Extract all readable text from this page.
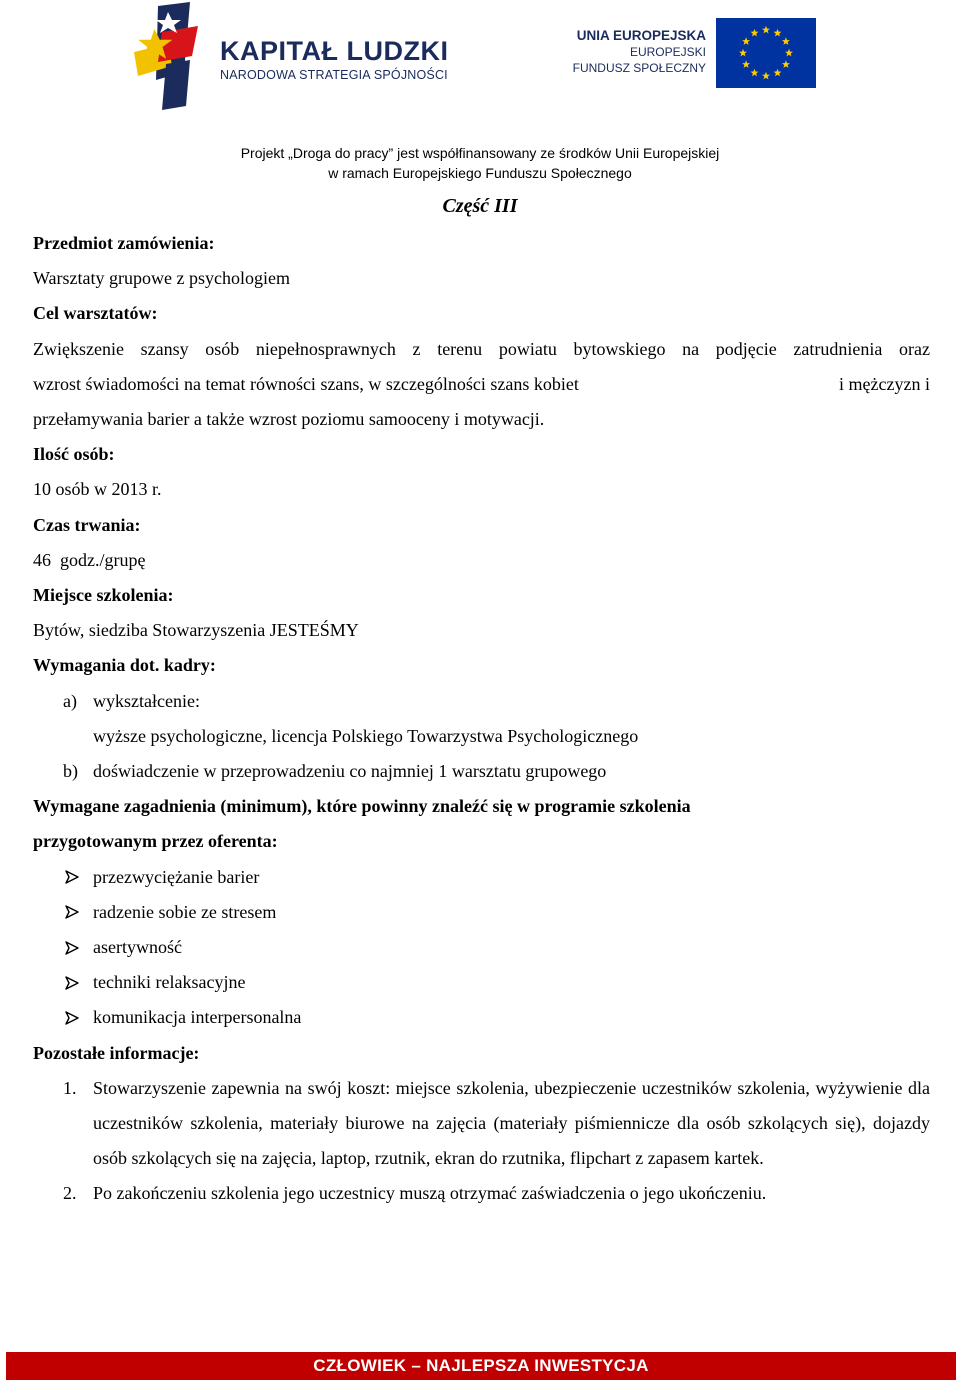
KAPITAŁ LUDZKI
NARODOWA STRATEGIA SPÓJNOŚCI
UNIA EUROPEJSKA
EUROPEJSKI
FUNDUSZ SPOŁECZNY
Projekt „Droga do pracy” jest współfinansowany ze środków Unii Europejskiej
w ramach Europejskiego Funduszu Społecznego
Część III
Przedmiot zamówienia:
Warsztaty grupowe z psychologiem
Cel warsztatów:
Zwiększenie szansy osób niepełnosprawnych z terenu powiatu bytowskiego na podjęcie zatrudnienia oraz
wzrost świadomości na temat równości szans, w szczególności szans kobiet	i mężczyzn i
przełamywania barier a także wzrost poziomu samooceny i motywacji.
Ilość osób:
10 osób w 2013 r.
Czas trwania:
46  godz./grupę
Miejsce szkolenia:
Bytów, siedziba Stowarzyszenia JESTEŚMY
Wymagania dot. kadry:
a) wykształcenie:
wyższe psychologiczne, licencja Polskiego Towarzystwa Psychologicznego
b) doświadczenie w przeprowadzeniu co najmniej 1 warsztatu grupowego
Wymagane zagadnienia (minimum), które powinny znaleźć się w programie szkolenia
przygotowanym przez oferenta:
przezwyciężanie barier
radzenie sobie ze stresem
asertywność
techniki relaksacyjne
komunikacja interpersonalna
Pozostałe informacje:
1. Stowarzyszenie zapewnia na swój koszt: miejsce szkolenia, ubezpieczenie uczestników szkolenia, wyżywienie dla uczestników szkolenia, materiały biurowe na zajęcia (materiały piśmiennicze dla osób szkolących się), dojazdy osób szkolących się na zajęcia, laptop, rzutnik, ekran do rzutnika, flipchart z zapasem kartek.
2. Po zakończeniu szkolenia jego uczestnicy muszą otrzymać zaświadczenia o jego ukończeniu.
CZŁOWIEK – NAJLEPSZA INWESTYCJA
